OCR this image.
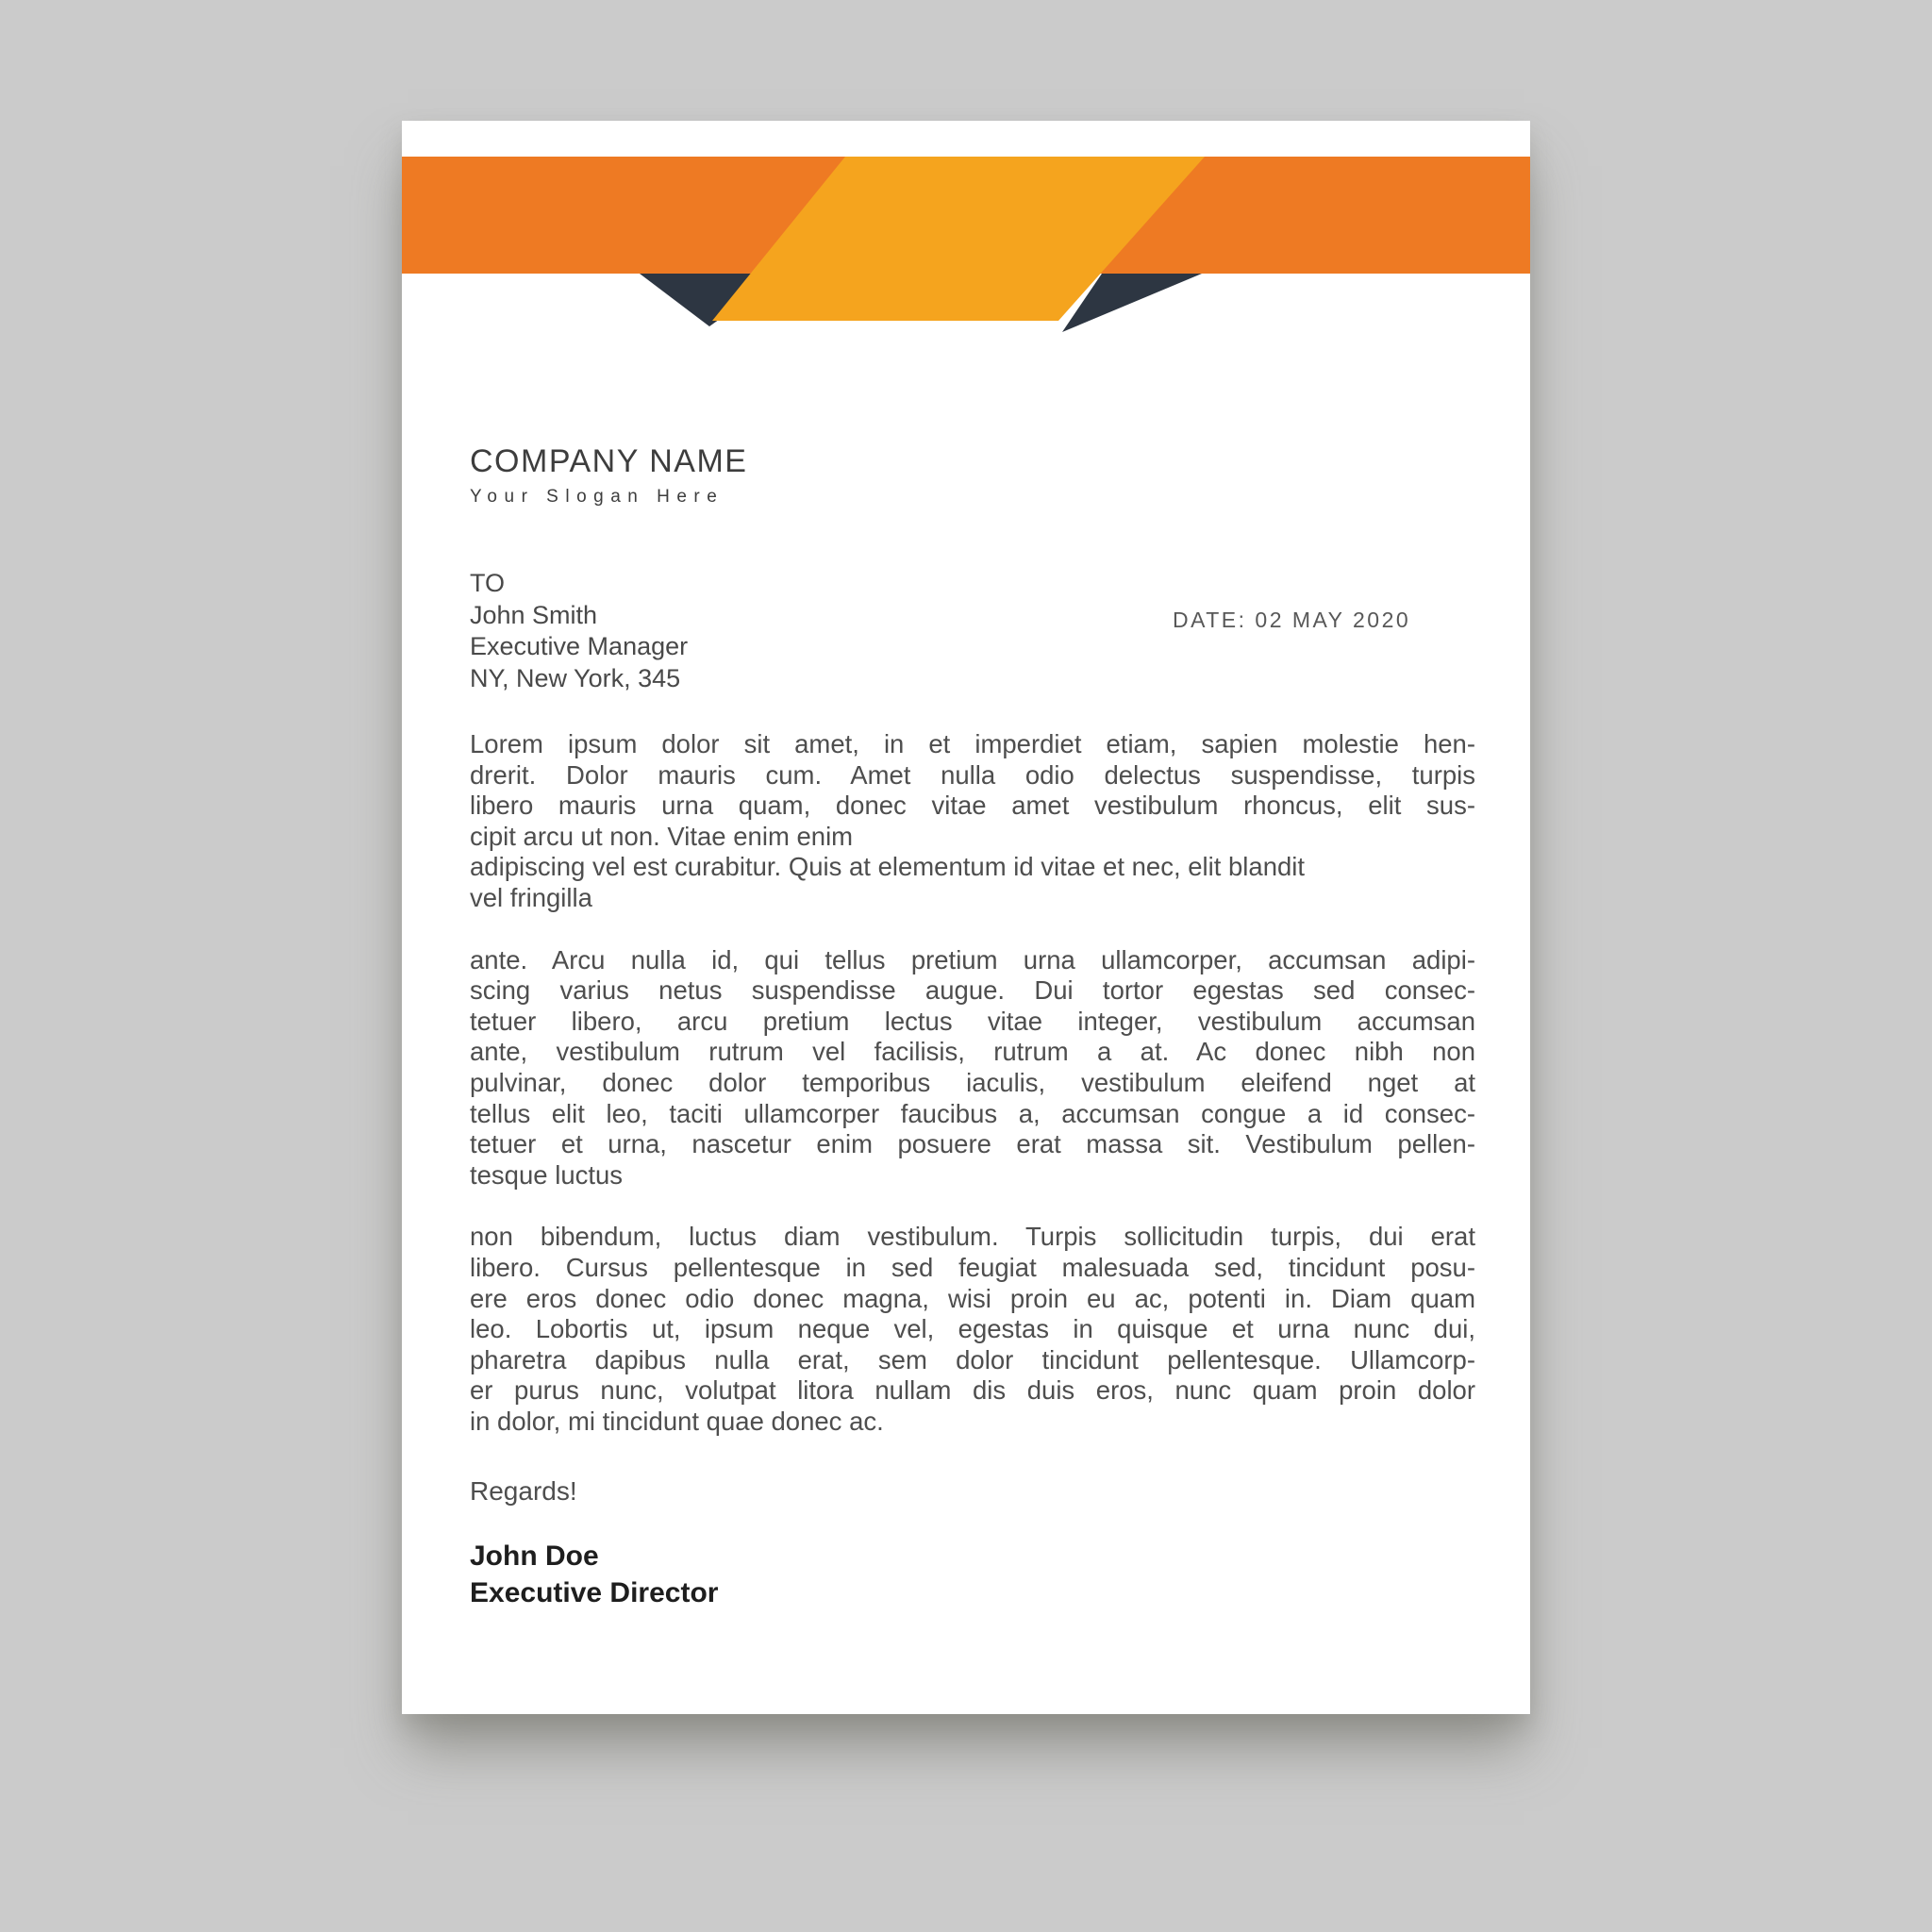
COMPANY NAME
Your Slogan Here
TO
John Smith
Executive Manager
NY, New York, 345
DATE: 02 MAY 2020
Lorem ipsum dolor sit amet, in et imperdiet etiam, sapien molestie hen-
drerit. Dolor mauris cum. Amet nulla odio delectus suspendisse, turpis
libero mauris urna quam, donec vitae amet vestibulum rhoncus, elit sus-
cipit arcu ut non. Vitae enim enim
adipiscing vel est curabitur. Quis at elementum id vitae et nec, elit blandit
vel fringilla
ante. Arcu nulla id, qui tellus pretium urna ullamcorper, accumsan adipi-
scing varius netus suspendisse augue. Dui tortor egestas sed consec-
tetuer libero, arcu pretium lectus vitae integer, vestibulum accumsan
ante, vestibulum rutrum vel facilisis, rutrum a at. Ac donec nibh non
pulvinar, donec dolor temporibus iaculis, vestibulum eleifend nget at
tellus elit leo, taciti ullamcorper faucibus a, accumsan congue a id consec-
tetuer et urna, nascetur enim posuere erat massa sit. Vestibulum pellen-
tesque luctus
non bibendum, luctus diam vestibulum. Turpis sollicitudin turpis, dui erat
libero. Cursus pellentesque in sed feugiat malesuada sed, tincidunt posu-
ere eros donec odio donec magna, wisi proin eu ac, potenti in. Diam quam
leo. Lobortis ut, ipsum neque vel, egestas in quisque et urna nunc dui,
pharetra dapibus nulla erat, sem dolor tincidunt pellentesque. Ullamcorp-
er purus nunc, volutpat litora nullam dis duis eros, nunc quam proin dolor
in dolor, mi tincidunt quae donec ac.
Regards!
John Doe
Executive Director
